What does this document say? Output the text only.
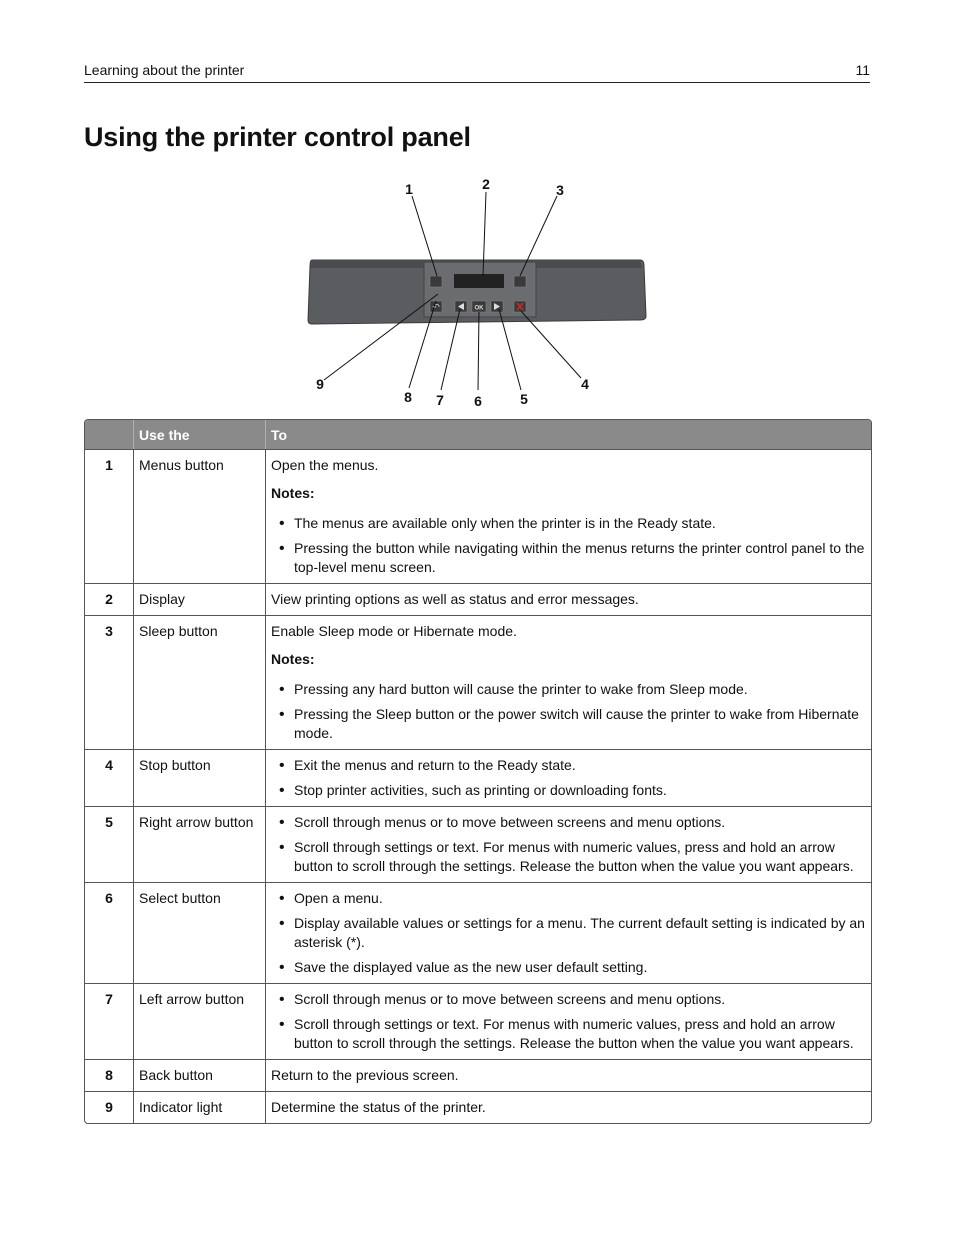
Learning about the printer	11
Using the printer control panel
↶	OK
1	2	3
4
5
6
7
8
9
Use the	To
1	Menus button	Open the menus.

Notes:

• The menus are available only when the printer is in the Ready state.
• Pressing the button while navigating within the menus returns the printer control panel to the top-level menu screen.
2	Display	View printing options as well as status and error messages.
3	Sleep button	Enable Sleep mode or Hibernate mode.

Notes:

• Pressing any hard button will cause the printer to wake from Sleep mode.
• Pressing the Sleep button or the power switch will cause the printer to wake from Hibernate mode.
4	Stop button	• Exit the menus and return to the Ready state.
• Stop printer activities, such as printing or downloading fonts.
5	Right arrow button	• Scroll through menus or to move between screens and menu options.
• Scroll through settings or text. For menus with numeric values, press and hold an arrow button to scroll through the settings. Release the button when the value you want appears.
6	Select button	• Open a menu.
• Display available values or settings for a menu. The current default setting is indicated by an asterisk (*).
• Save the displayed value as the new user default setting.
7	Left arrow button	• Scroll through menus or to move between screens and menu options.
• Scroll through settings or text. For menus with numeric values, press and hold an arrow button to scroll through the settings. Release the button when the value you want appears.
8	Back button	Return to the previous screen.
9	Indicator light	Determine the status of the printer.
